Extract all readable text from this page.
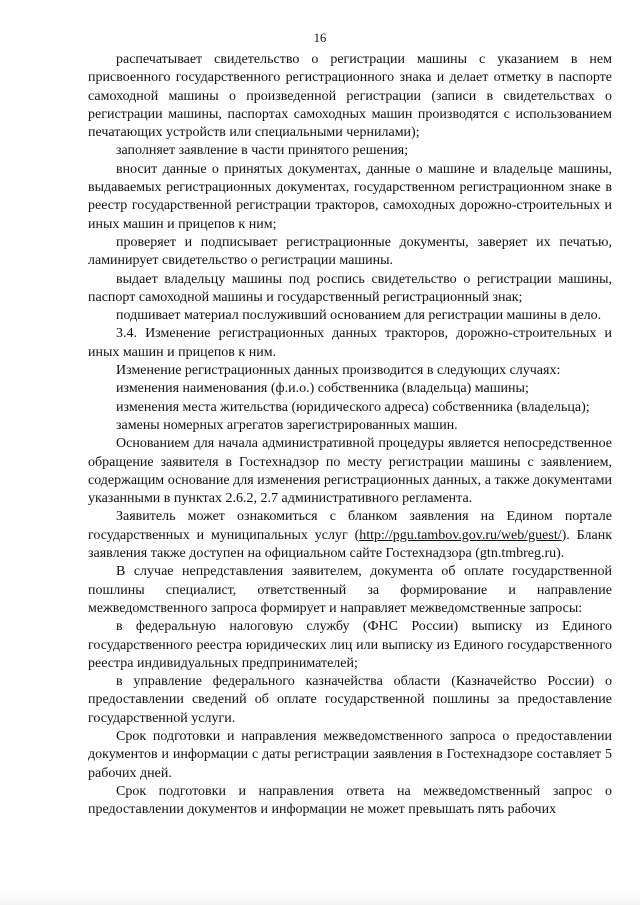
16

распечатывает свидетельство о регистрации машины с указанием в нем присвоенного государственного регистрационного знака и делает отметку в паспорте самоходной машины о произведенной регистрации (записи в свидетельствах о регистрации машины, паспортах самоходных машин производятся с использованием печатающих устройств или специальными чернилами);

заполняет заявление в части принятого решения;

вносит данные о принятых документах, данные о машине и владельце машины, выдаваемых регистрационных документах, государственном регистрационном знаке в реестр государственной регистрации тракторов, самоходных дорожно-строительных и иных машин и прицепов к ним;

проверяет и подписывает регистрационные документы, заверяет их печатью, ламинирует свидетельство о регистрации машины.

выдает владельцу машины под роспись свидетельство о регистрации машины, паспорт самоходной машины и государственный регистрационный знак;

подшивает материал послуживший основанием для регистрации машины в дело.

3.4. Изменение регистрационных данных тракторов, дорожно-строительных и иных машин и прицепов к ним.

Изменение регистрационных данных производится в следующих случаях:

изменения наименования (ф.и.о.) собственника (владельца) машины;

изменения места жительства (юридического адреса) собственника (владельца);

замены номерных агрегатов зарегистрированных машин.

Основанием для начала административной процедуры является непосредственное обращение заявителя в Гостехнадзор по месту регистрации машины с заявлением, содержащим основание для изменения регистрационных данных, а также документами указанными в пунктах 2.6.2, 2.7 административного регламента.

Заявитель может ознакомиться с бланком заявления на Едином портале государственных и муниципальных услуг (http://pgu.tambov.gov.ru/web/guest/). Бланк заявления также доступен на официальном сайте Гостехнадзора (gtn.tmbreg.ru).

В случае непредставления заявителем, документа об оплате государственной пошлины специалист, ответственный за формирование и направление межведомственного запроса формирует и направляет межведомственные запросы:

в федеральную налоговую службу (ФНС России) выписку из Единого государственного реестра юридических лиц или выписку из Единого государственного реестра индивидуальных предпринимателей;

в управление федерального казначейства области (Казначейство России) о предоставлении сведений об оплате государственной пошлины за предоставление государственной услуги.

Срок подготовки и направления межведомственного запроса о предоставлении документов и информации с даты регистрации заявления в Гостехнадзоре составляет 5 рабочих дней.

Срок подготовки и направления ответа на межведомственный запрос о предоставлении документов и информации не может превышать пять рабочих
